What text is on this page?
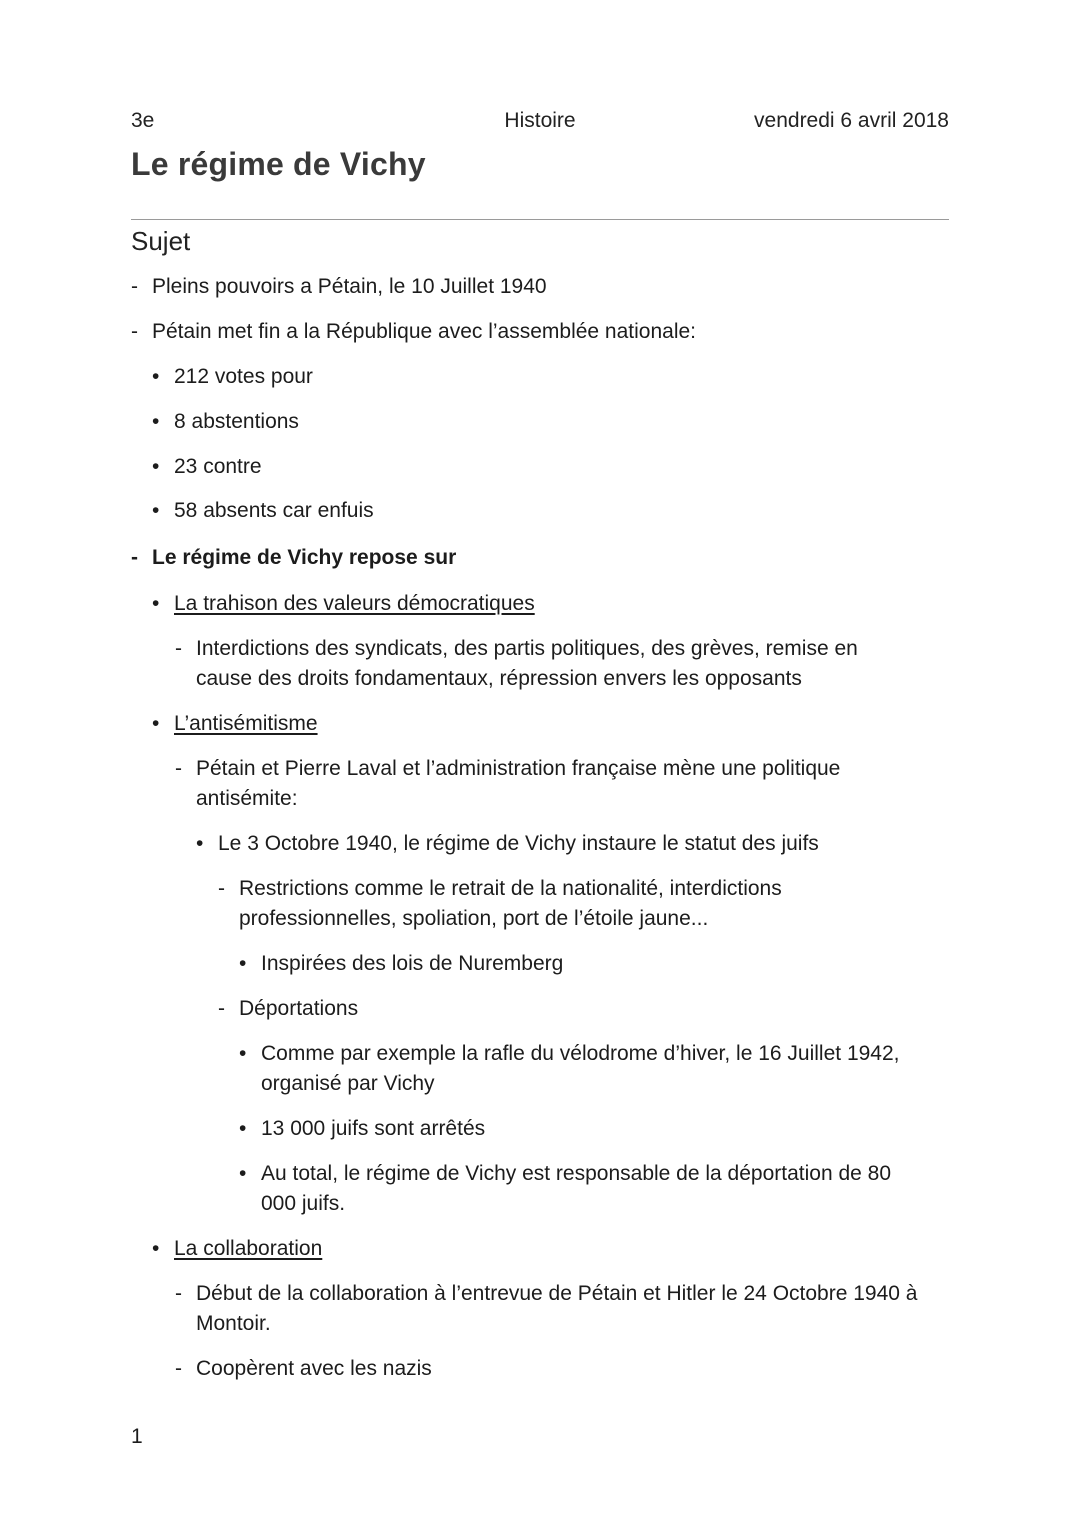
3e	Histoire	vendredi 6 avril 2018
Le régime de Vichy
Sujet
- Pleins pouvoirs a Pétain, le 10 Juillet 1940
- Pétain met fin a la République avec l’assemblée nationale:
• 212 votes pour
• 8 abstentions
• 23 contre
• 58 absents car enfuis
- Le régime de Vichy repose sur
• La trahison des valeurs démocratiques
- Interdictions des syndicats, des partis politiques, des grèves, remise en
cause des droits fondamentaux, répression envers les opposants
• L’antisémitisme
- Pétain et Pierre Laval et l’administration française mène une politique
antisémite:
• Le 3 Octobre 1940, le régime de Vichy instaure le statut des juifs
- Restrictions comme le retrait de la nationalité, interdictions
professionnelles, spoliation, port de l’étoile jaune...
• Inspirées des lois de Nuremberg
- Déportations
• Comme par exemple la rafle du vélodrome d’hiver, le 16 Juillet 1942,
organisé par Vichy
• 13 000 juifs sont arrêtés
• Au total, le régime de Vichy est responsable de la déportation de 80
000 juifs.
• La collaboration
- Début de la collaboration à l’entrevue de Pétain et Hitler le 24 Octobre 1940 à
Montoir.
- Coopèrent avec les nazis
1
